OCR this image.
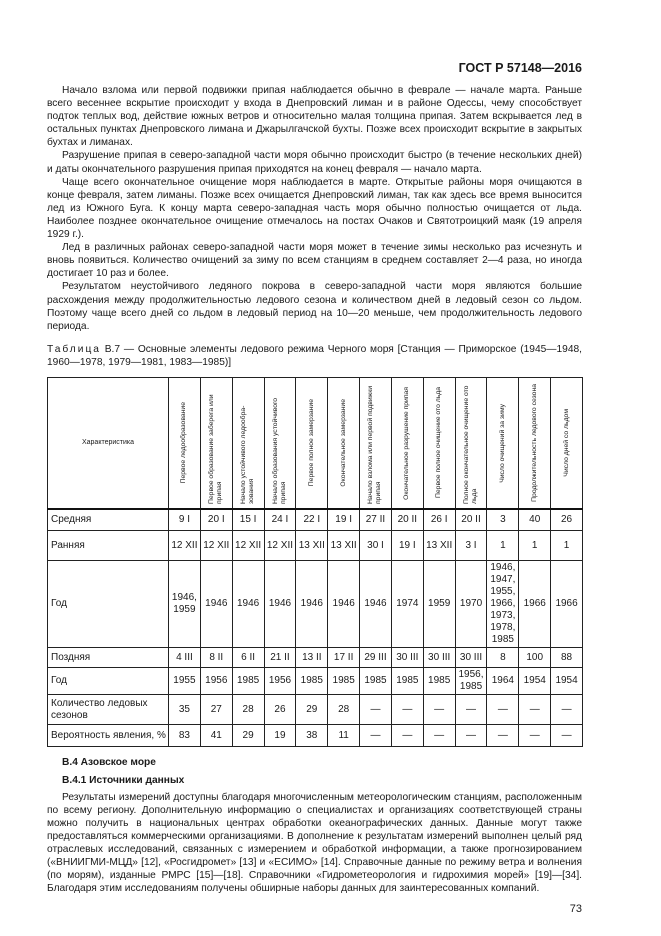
ГОСТ Р 57148—2016

Начало взлома или первой подвижки припая наблюдается обычно в феврале — начале марта. Раньше всего весеннее вскрытие происходит у входа в Днепровский лиман и в районе Одессы, чему способствует подток теплых вод, действие южных ветров и относительно малая толщина припая. Затем вскрывается лед в остальных пунктах Днепровского лимана и Джарылгачской бухты. Позже всех происходит вскрытие в закрытых бухтах и лиманах.

Разрушение припая в северо-западной части моря обычно происходит быстро (в течение нескольких дней) и даты окончательного разрушения припая приходятся на конец февраля — начало марта.

Чаще всего окончательное очищение моря наблюдается в марте. Открытые районы моря очищаются в конце февраля, затем лиманы. Позже всех очищается Днепровский лиман, так как здесь все время выносится лед из Южного Буга. К концу марта северо-западная часть моря обычно полностью очищается от льда. Наиболее позднее окончательное очищение отмечалось на постах Очаков и Святотроицкий маяк (19 апреля 1929 г.).

Лед в различных районах северо-западной части моря может в течение зимы несколько раз исчезнуть и вновь появиться. Количество очищений за зиму по всем станциям в среднем составляет 2—4 раза, но иногда достигает 10 раз и более.

Результатом неустойчивого ледяного покрова в северо-западной части моря являются большие расхождения между продолжительностью ледового сезона и количеством дней в ледовый сезон со льдом. Поэтому чаще всего дней со льдом в ледовый период на 10—20 меньше, чем продолжительность ледового периода.

Таблица В.7 — Основные элементы ледового режима Черного моря [Станция — Приморское (1945—1948, 1960—1978, 1979—1981, 1983—1985)]
Характеристика	Первое ледообразование	Первое образование заберега или припая	Начало устойчивого ледообра-зования	Начало образования устойчивого припая	Первое полное замерзание	Окончательное замерзание	Начало взлома или первой подвижки припая	Окончательное разрушение припая	Первое полное очищение ото льда	Полное окончательное очищение ото льда	Число очищений за зиму	Продолжительность ледового сезона	Число дней со льдом

Средняя	9 I	20 I	15 I	24 I	22 I	19 I	27 II	20 II	26 I	20 II	3	40	26
Ранняя	12 XII	12 XII	12 XII	12 XII	13 XII	13 XII	30 I	19 I	13 XII	3 I	1	1	1
Год	1946, 1959	1946	1946	1946	1946	1946	1946	1974	1959	1970	1946, 1947, 1955, 1966, 1973, 1978, 1985	1966	1966
Поздняя	4 III	8 II	6 II	21 II	13 II	17 II	29 III	30 III	30 III	30 III	8	100	88
Год	1955	1956	1985	1956	1985	1985	1985	1985	1985	1956, 1985	1964	1954	1954
Количество ледовых сезонов	35	27	28	26	29	28	—	—	—	—	—	—	—
Вероятность явления, %	83	41	29	19	38	11	—	—	—	—	—	—	—
В.4 Азовское море
В.4.1 Источники данных

Результаты измерений доступны благодаря многочисленным метеорологическим станциям, расположенным по всему региону. Дополнительную информацию о специалистах и организациях соответствующей страны можно получить в национальных центрах обработки океанографических данных. Данные могут также предоставляться коммерческими организациями. В дополнение к результатам измерений выполнен целый ряд отраслевых исследований, связанных с измерением и обработкой информации, а также прогнозированием («ВНИИГМИ-МЦД» [12], «Росгидромет» [13] и «ЕСИМО» [14]. Справочные данные по режиму ветра и волнения (по морям), изданные РМРС [15]—[18]. Справочники «Гидрометеорология и гидрохимия морей» [19]—[34]. Благодаря этим исследованиям получены обширные наборы данных для заинтересованных компаний.

73
